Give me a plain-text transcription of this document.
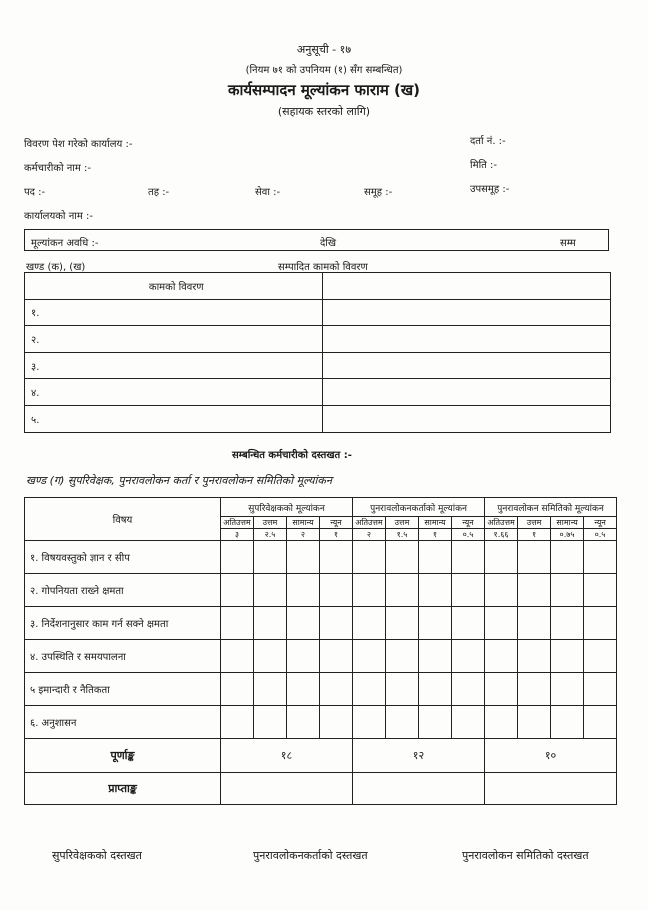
अनुसूची - १७
(नियम ७१ को उपनियम (१) सँग सम्बन्धित)
कार्यसम्पादन मूल्यांकन फाराम (ख)
(सहायक स्तरको लागि)
विवरण पेश गरेको कार्यालय :-	दर्ता नं. :-
कर्मचारीको नाम :-	मिति :-
पद :-	तह :-	सेवा :-	समूह :-	उपसमूह :-
कार्यालयको नाम :-
मूल्यांकन अवधि :-	देखि	सम्म
खण्ड (क), (ख)	सम्पादित कामको विवरण
कामको विवरण	
१.	
२.	
३.	
४.	
५.	
सम्बन्धित कर्मचारीको दस्तखत :-
खण्ड (ग) सुपरिवेक्षक, पुनरावलोकन कर्ता र पुनरावलोकन समितिको मूल्यांकन
विषय	सुपरिवेक्षकको मूल्यांकन				पुनरावलोकनकर्ताको मूल्यांकन				पुनरावलोकन समितिको मूल्यांकन			
	अतिउत्तम	उत्तम	सामान्य	न्यून	अतिउत्तम	उत्तम	सामान्य	न्यून	अतिउत्तम	उत्तम	सामान्य	न्यून
	३	२.५	२	१	२	१.५	१	०.५	१.६६	१	०.७५	०.५
१. विषयवस्तुको ज्ञान र सीप												
२. गोपनियता राख्ने क्षमता												
३. निर्देशनानुसार काम गर्न सक्ने क्षमता												
४. उपस्थिति र समयपालना												
५ इमान्दारी र नैतिकता												
६. अनुशासन												
पूर्णाङ्क	१८				१२				१०			
प्राप्ताङ्क												
सुपरिवेक्षकको दस्तखत	पुनरावलोकनकर्ताको दस्तखत	पुनरावलोकन समितिको दस्तखत
